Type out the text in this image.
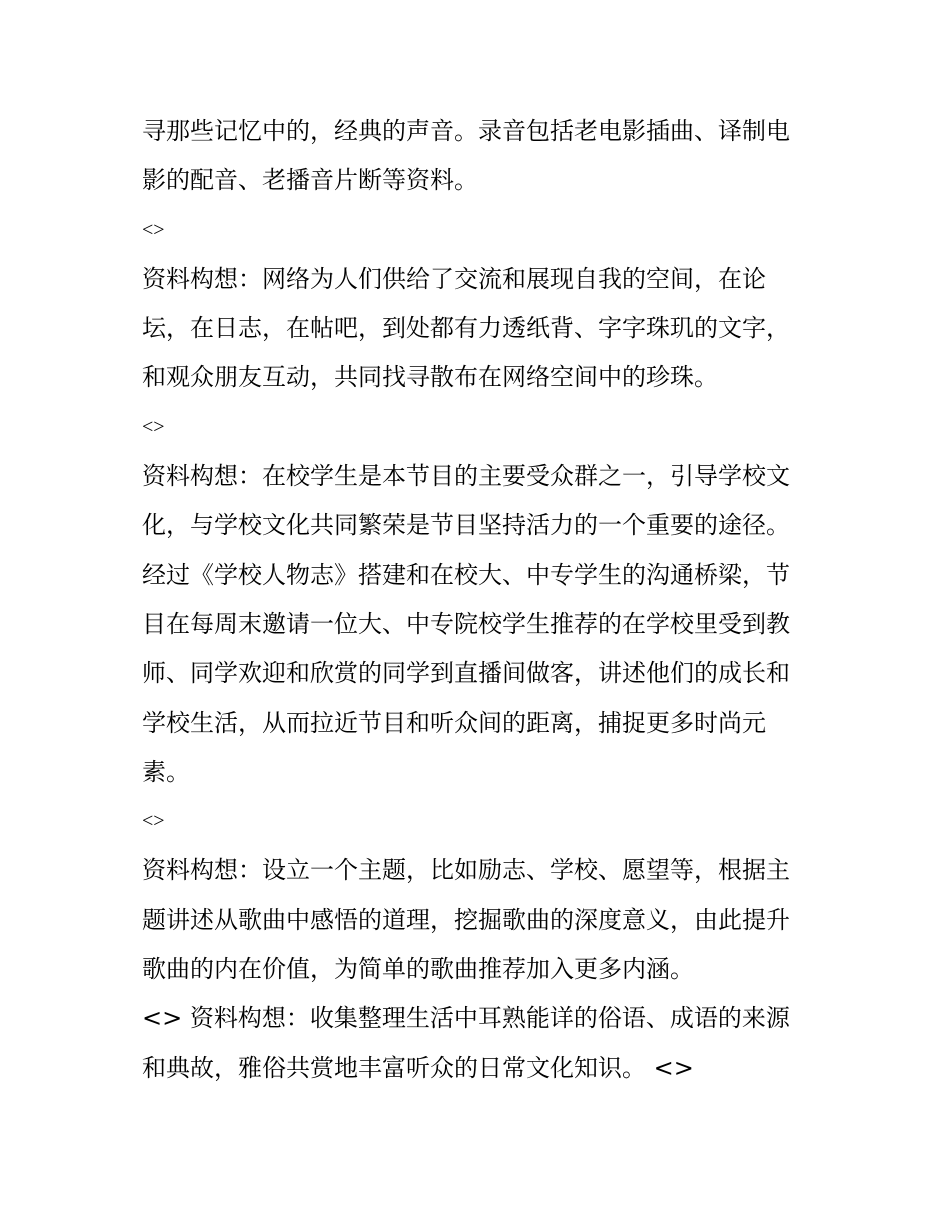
寻那些记忆中的，经典的声音。录音包括老电影插曲、译制电
影的配音、老播音片断等资料。
<>
资料构想：网络为人们供给了交流和展现自我的空间，在论
坛，在日志，在帖吧，到处都有力透纸背、字字珠玑的文字，
和观众朋友互动，共同找寻散布在网络空间中的珍珠。
<>
资料构想：在校学生是本节目的主要受众群之一，引导学校文
化，与学校文化共同繁荣是节目坚持活力的一个重要的途径。
经过《学校人物志》搭建和在校大、中专学生的沟通桥梁，节
目在每周末邀请一位大、中专院校学生推荐的在学校里受到教
师、同学欢迎和欣赏的同学到直播间做客，讲述他们的成长和
学校生活，从而拉近节目和听众间的距离，捕捉更多时尚元
素。
<>
资料构想：设立一个主题，比如励志、学校、愿望等，根据主
题讲述从歌曲中感悟的道理，挖掘歌曲的深度意义，由此提升
歌曲的内在价值，为简单的歌曲推荐加入更多内涵。
<> 资料构想：收集整理生活中耳熟能详的俗语、成语的来源
和典故，雅俗共赏地丰富听众的日常文化知识。 <>
